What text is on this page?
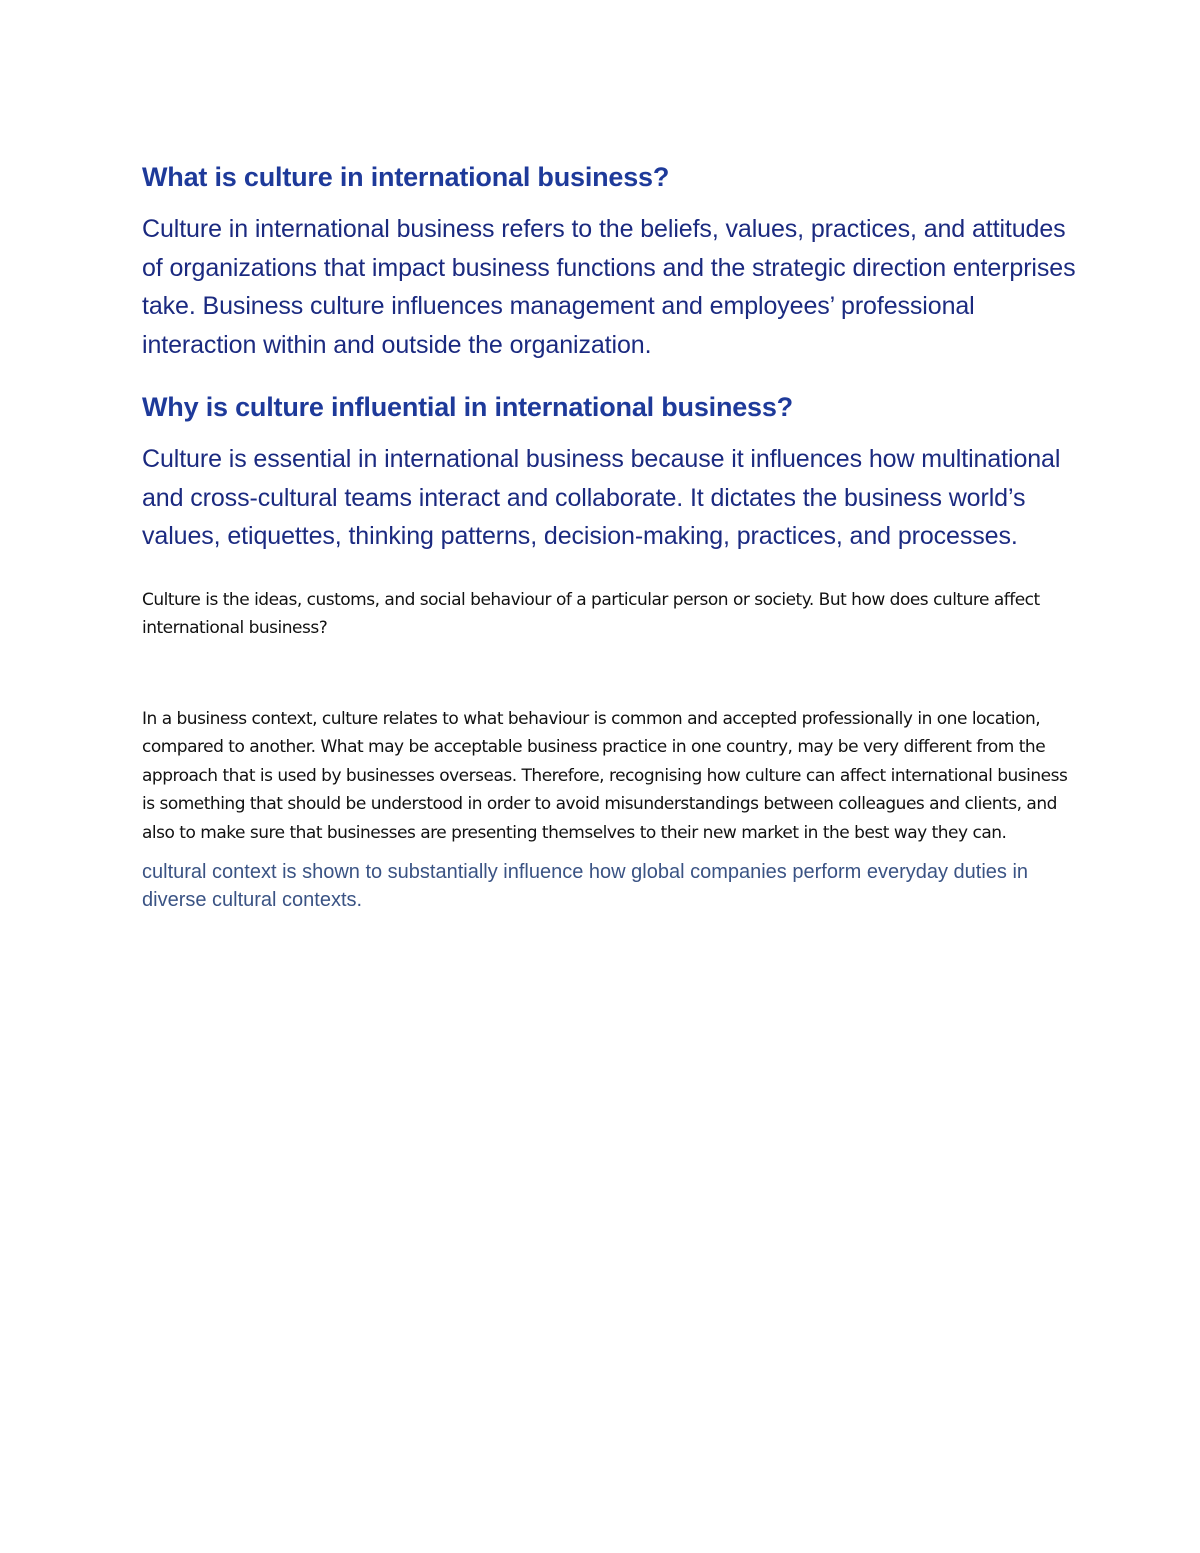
What is culture in international business?

Culture in international business refers to the beliefs, values, practices, and attitudes of organizations that impact business functions and the strategic direction enterprises take. Business culture influences management and employees’ professional interaction within and outside the organization.

Why is culture influential in international business?

Culture is essential in international business because it influences how multinational and cross-cultural teams interact and collaborate. It dictates the business world’s values, etiquettes, thinking patterns, decision-making, practices, and processes.

Culture is the ideas, customs, and social behaviour of a particular person or society. But how does culture affect international business?

In a business context, culture relates to what behaviour is common and accepted professionally in one location, compared to another. What may be acceptable business practice in one country, may be very different from the approach that is used by businesses overseas. Therefore, recognising how culture can affect international business is something that should be understood in order to avoid misunderstandings between colleagues and clients, and also to make sure that businesses are presenting themselves to their new market in the best way they can.

cultural context is shown to substantially influence how global companies perform everyday duties in diverse cultural contexts.
